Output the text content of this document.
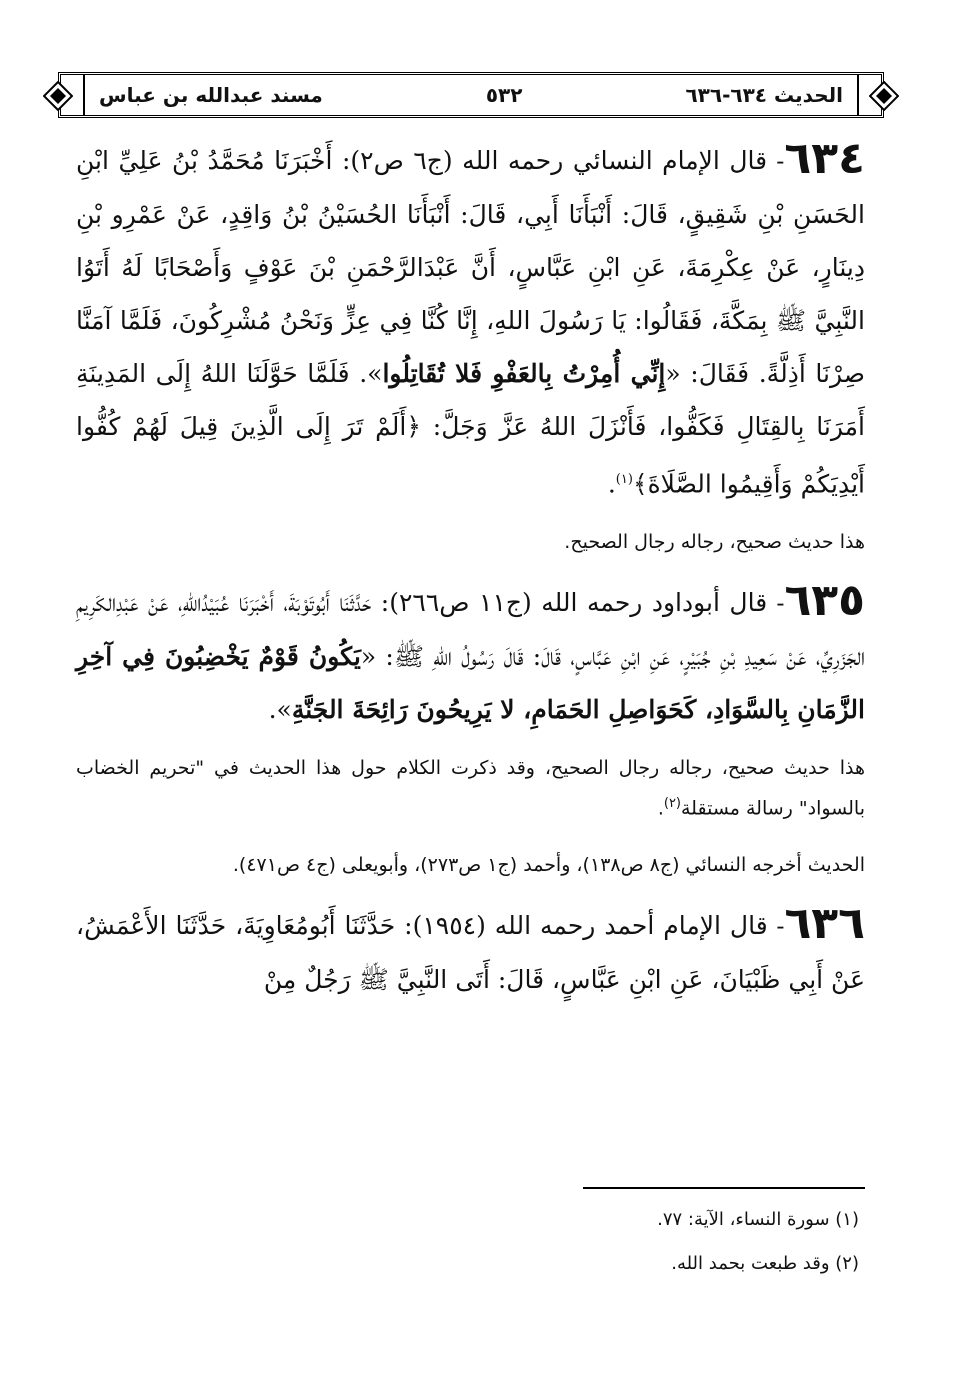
الحديث ٦٣٤-٦٣٦
٥٣٢
مسند عبدالله بن عباس

٦٣٤- قال الإمام النسائي رحمه الله (ج٦ ص٢): أَخْبَرَنَا مُحَمَّدُ بْنُ عَلِيِّ ابْنِ الحَسَنِ بْنِ شَقِيقٍ، قَالَ: أَنْبَأَنَا أَبِي، قَالَ: أَنْبَأَنَا الحُسَيْنُ بْنُ وَاقِدٍ، عَنْ عَمْرِو بْنِ دِينَارٍ، عَنْ عِكْرِمَةَ، عَنِ ابْنِ عَبَّاسٍ، أَنَّ عَبْدَالرَّحْمَنِ بْنَ عَوْفٍ وَأَصْحَابًا لَهُ أَتَوُا النَّبِيَّ ﷺ بِمَكَّةَ، فَقَالُوا: يَا رَسُولَ اللهِ، إِنَّا كُنَّا فِي عِزٍّ وَنَحْنُ مُشْرِكُونَ، فَلَمَّا آمَنَّا صِرْنَا أَذِلَّةً. فَقَالَ: «إِنِّي أُمِرْتُ بِالعَفْوِ فَلا تُقَاتِلُوا». فَلَمَّا حَوَّلَنَا اللهُ إِلَى المَدِينَةِ أَمَرَنَا بِالقِتَالِ فَكَفُّوا، فَأَنْزَلَ اللهُ عَزَّ وَجَلَّ: ﴿أَلَمْ تَرَ إِلَى الَّذِينَ قِيلَ لَهُمْ كُفُّوا أَيْدِيَكُمْ وَأَقِيمُوا الصَّلَاةَ﴾$^{(١)}$.

هذا حديث صحيح، رجاله رجال الصحيح.

٦٣٥- قال أبوداود رحمه الله (ج١١ ص٢٦٦): حَدَّثَنَا أَبُوتَوْبَةَ، أَخْبَرَنَا عُبَيْدُاللهِ، عَنْ عَبْدِالكَرِيمِ الجَزَرِيِّ، عَنْ سَعِيدِ بْنِ جُبَيْرٍ، عَنِ ابْنِ عَبَّاسٍ، قَالَ: قَالَ رَسُولُ اللهِ ﷺ: «يَكُونُ قَوْمٌ يَخْضِبُونَ فِي آخِرِ الزَّمَانِ بِالسَّوَادِ، كَحَوَاصِلِ الحَمَامِ، لا يَرِيحُونَ رَائِحَةَ الجَنَّةِ».

هذا حديث صحيح، رجاله رجال الصحيح، وقد ذكرت الكلام حول هذا الحديث في "تحريم الخضاب بالسواد" رسالة مستقلة$^{(٢)}$.

الحديث أخرجه النسائي (ج٨ ص١٣٨)، وأحمد (ج١ ص٢٧٣)، وأبويعلى (ج٤ ص٤٧١).

٦٣٦- قال الإمام أحمد رحمه الله (١٩٥٤): حَدَّثَنَا أَبُومُعَاوِيَةَ، حَدَّثَنَا الأَعْمَشُ، عَنْ أَبِي ظَبْيَانَ، عَنِ ابْنِ عَبَّاسٍ، قَالَ: أَتَى النَّبِيَّ ﷺ رَجُلٌ مِنْ

(١) سورة النساء، الآية: ٧٧.

(٢) وقد طبعت بحمد الله.
